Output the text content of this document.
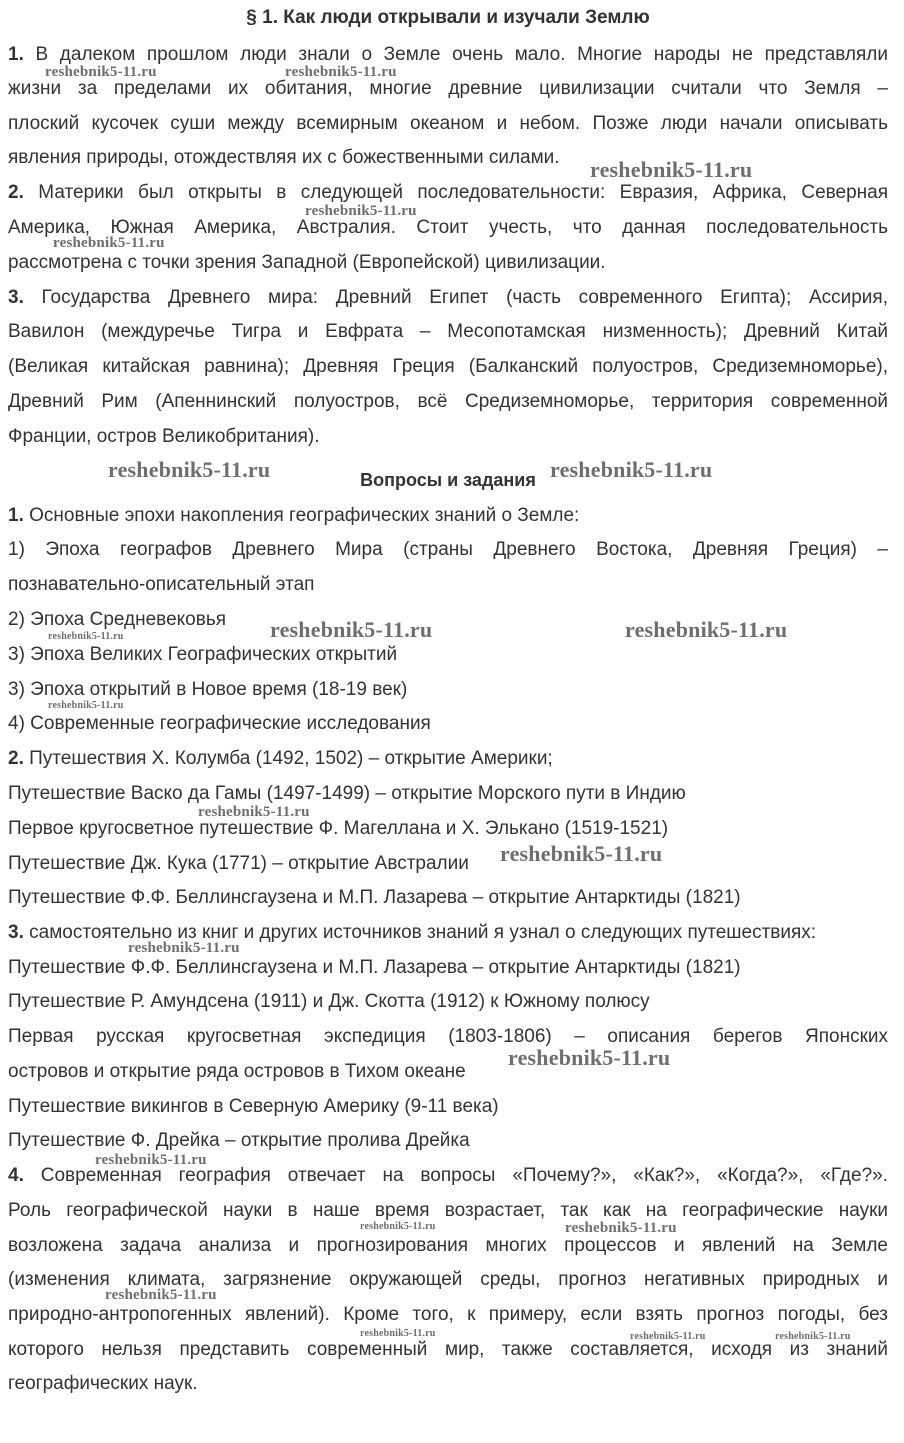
§ 1. Как люди открывали и изучали Землю

1. В далеком прошлом люди знали о Земле очень мало. Многие народы не представляли

жизни за пределами их обитания, многие древние цивилизации считали что Земля –

плоский кусочек суши между всемирным океаном и небом. Позже люди начали описывать

явления природы, отождествляя их с божественными силами.

2. Материки был открыты в следующей последовательности: Евразия, Африка, Северная

Америка, Южная Америка, Австралия. Стоит учесть, что данная последовательность

рассмотрена с точки зрения Западной (Европейской) цивилизации.

3. Государства Древнего мира: Древний Египет (часть современного Египта); Ассирия,

Вавилон (междуречье Тигра и Евфрата – Месопотамская низменность); Древний Китай

(Великая китайская равнина); Древняя Греция (Балканский полуостров, Средиземноморье),

Древний Рим (Апеннинский полуостров, всё Средиземноморье, территория современной

Франции, остров Великобритания).

Вопросы и задания

1. Основные эпохи накопления географических знаний о Земле:

1) Эпоха географов Древнего Мира (страны Древнего Востока, Древняя Греция) –

познавательно-описательный этап

2) Эпоха Средневековья

3) Эпоха Великих Географических открытий

3) Эпоха открытий в Новое время (18-19 век)

4) Современные географические исследования

2. Путешествия Х. Колумба (1492, 1502) – открытие Америки;

Путешествие Васко да Гамы (1497-1499) – открытие Морского пути в Индию

Первое кругосветное путешествие Ф. Магеллана и Х. Элькано (1519-1521)

Путешествие Дж. Кука (1771) – открытие Австралии

Путешествие Ф.Ф. Беллинсгаузена и М.П. Лазарева – открытие Антарктиды (1821)

3. самостоятельно из книг и других источников знаний я узнал о следующих путешествиях:

Путешествие Ф.Ф. Беллинсгаузена и М.П. Лазарева – открытие Антарктиды (1821)

Путешествие Р. Амундсена (1911) и Дж. Скотта (1912) к Южному полюсу

Первая русская кругосветная экспедиция (1803-1806) – описания берегов Японских

островов и открытие ряда островов в Тихом океане

Путешествие викингов в Северную Америку (9-11 века)

Путешествие Ф. Дрейка – открытие пролива Дрейка

4. Современная география отвечает на вопросы «Почему?», «Как?», «Когда?», «Где?».

Роль географической науки в наше время возрастает, так как на географические науки

возложена задача анализа и прогнозирования многих процессов и явлений на Земле

(изменения климата, загрязнение окружающей среды, прогноз негативных природных и

природно-антропогенных явлений). Кроме того, к примеру, если взять прогноз погоды, без

которого нельзя представить современный мир, также составляется, исходя из знаний

географических наук.

reshebnik5-11.ru	reshebnik5-11.ru

reshebnik5-11.ru

reshebnik5-11.ru

reshebnik5-11.ru

reshebnik5-11.ru	reshebnik5-11.ru

reshebnik5-11.ru	reshebnik5-11.ru

reshebnik5-11.ru

reshebnik5-11.ru

reshebnik5-11.ru

reshebnik5-11.ru

reshebnik5-11.ru

reshebnik5-11.ru

reshebnik5-11.ru

reshebnik5-11.ru	reshebnik5-11.ru

reshebnik5-11.ru

reshebnik5-11.ru	reshebnik5-11.ru	reshebnik5-11.ru
